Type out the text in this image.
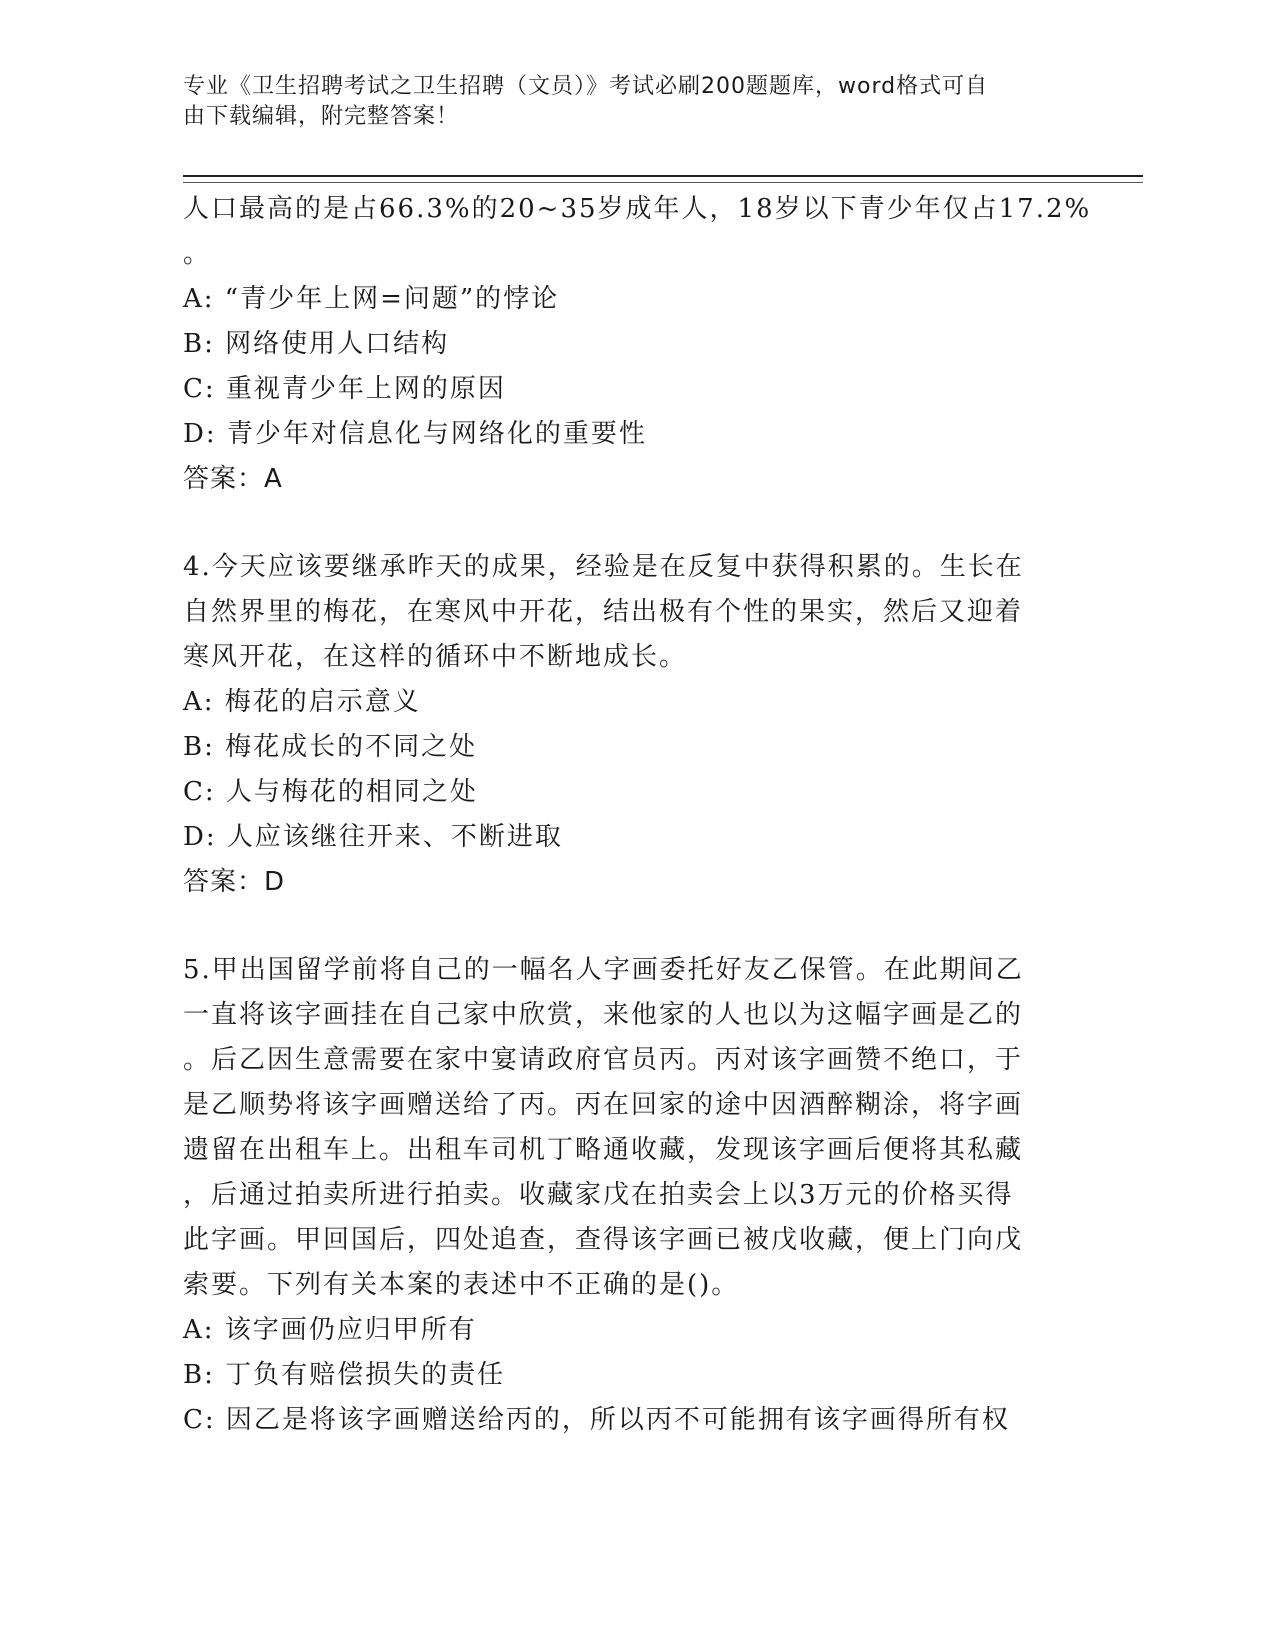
专业《卫生招聘考试之卫生招聘（文员）》考试必刷200题题库，word格式可自
由下载编辑，附完整答案！
人口最高的是占66.3%的20~35岁成年人，18岁以下青少年仅占17.2%
。
A: “青少年上网=问题”的悖论
B: 网络使用人口结构
C: 重视青少年上网的原因
D: 青少年对信息化与网络化的重要性
答案：A
4.今天应该要继承昨天的成果，经验是在反复中获得积累的。生长在
自然界里的梅花，在寒风中开花，结出极有个性的果实，然后又迎着
寒风开花，在这样的循环中不断地成长。
A: 梅花的启示意义
B: 梅花成长的不同之处
C: 人与梅花的相同之处
D: 人应该继往开来、不断进取
答案：D
5.甲出国留学前将自己的一幅名人字画委托好友乙保管。在此期间乙
一直将该字画挂在自己家中欣赏，来他家的人也以为这幅字画是乙的
。后乙因生意需要在家中宴请政府官员丙。丙对该字画赞不绝口，于
是乙顺势将该字画赠送给了丙。丙在回家的途中因酒醉糊涂，将字画
遗留在出租车上。出租车司机丁略通收藏，发现该字画后便将其私藏
，后通过拍卖所进行拍卖。收藏家戊在拍卖会上以3万元的价格买得
此字画。甲回国后，四处追查，查得该字画已被戊收藏，便上门向戊
索要。下列有关本案的表述中不正确的是()。
A: 该字画仍应归甲所有
B: 丁负有赔偿损失的责任
C: 因乙是将该字画赠送给丙的，所以丙不可能拥有该字画得所有权
